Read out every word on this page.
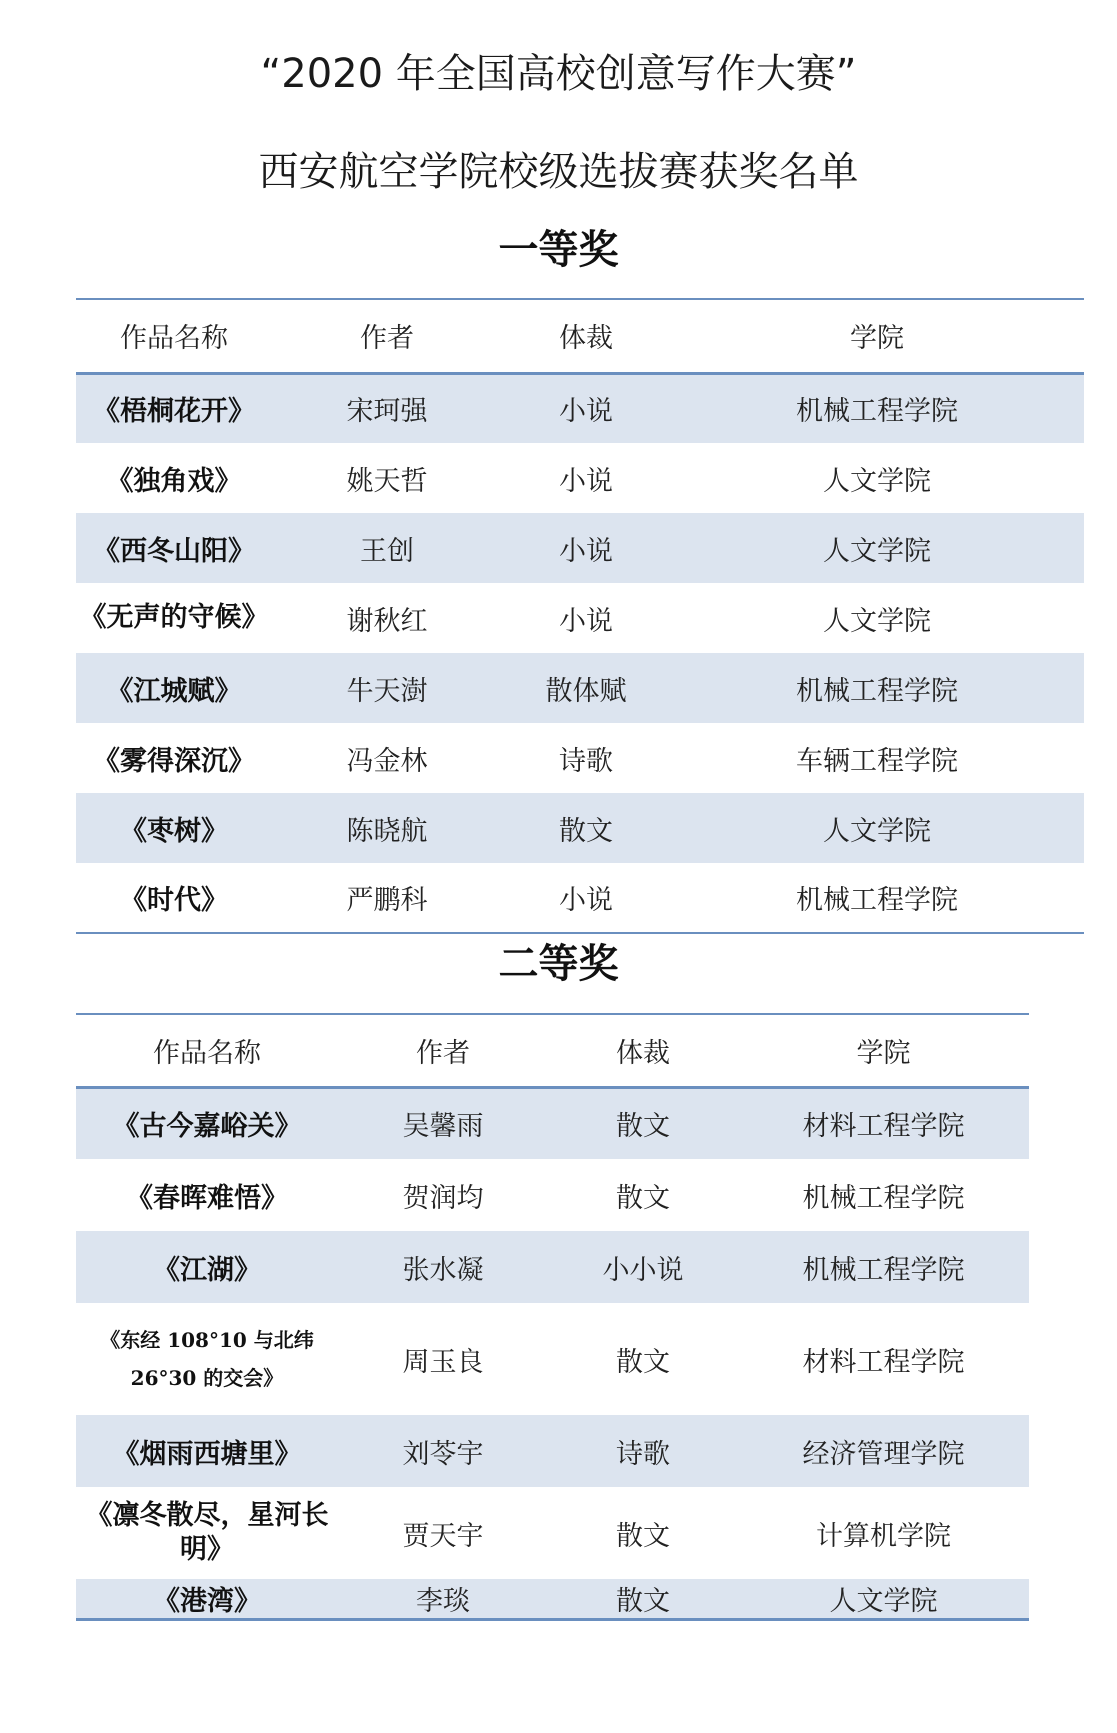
“2020 年全国高校创意写作大赛”
西安航空学院校级选拔赛获奖名单
一等奖
作品名称	作者	体裁	学院
《梧桐花开》	宋珂强	小说	机械工程学院
《独角戏》	姚天哲	小说	人文学院
《西冬山阳》	王创	小说	人文学院
《无声的守候》	谢秋红	小说	人文学院
《江城赋》	牛天澍	散体赋	机械工程学院
《雾得深沉》	冯金林	诗歌	车辆工程学院
《枣树》	陈晓航	散文	人文学院
《时代》	严鹏科	小说	机械工程学院
二等奖
作品名称	作者	体裁	学院
《古今嘉峪关》	吴馨雨	散文	材料工程学院
《春晖难悟》	贺润均	散文	机械工程学院
《江湖》	张水凝	小小说	机械工程学院
《东经 108°10 与北纬 26°30 的交会》	周玉良	散文	材料工程学院
《烟雨西塘里》	刘苓宇	诗歌	经济管理学院
《凛冬散尽，星河长明》	贾天宇	散文	计算机学院
《港湾》	李琰	散文	人文学院
